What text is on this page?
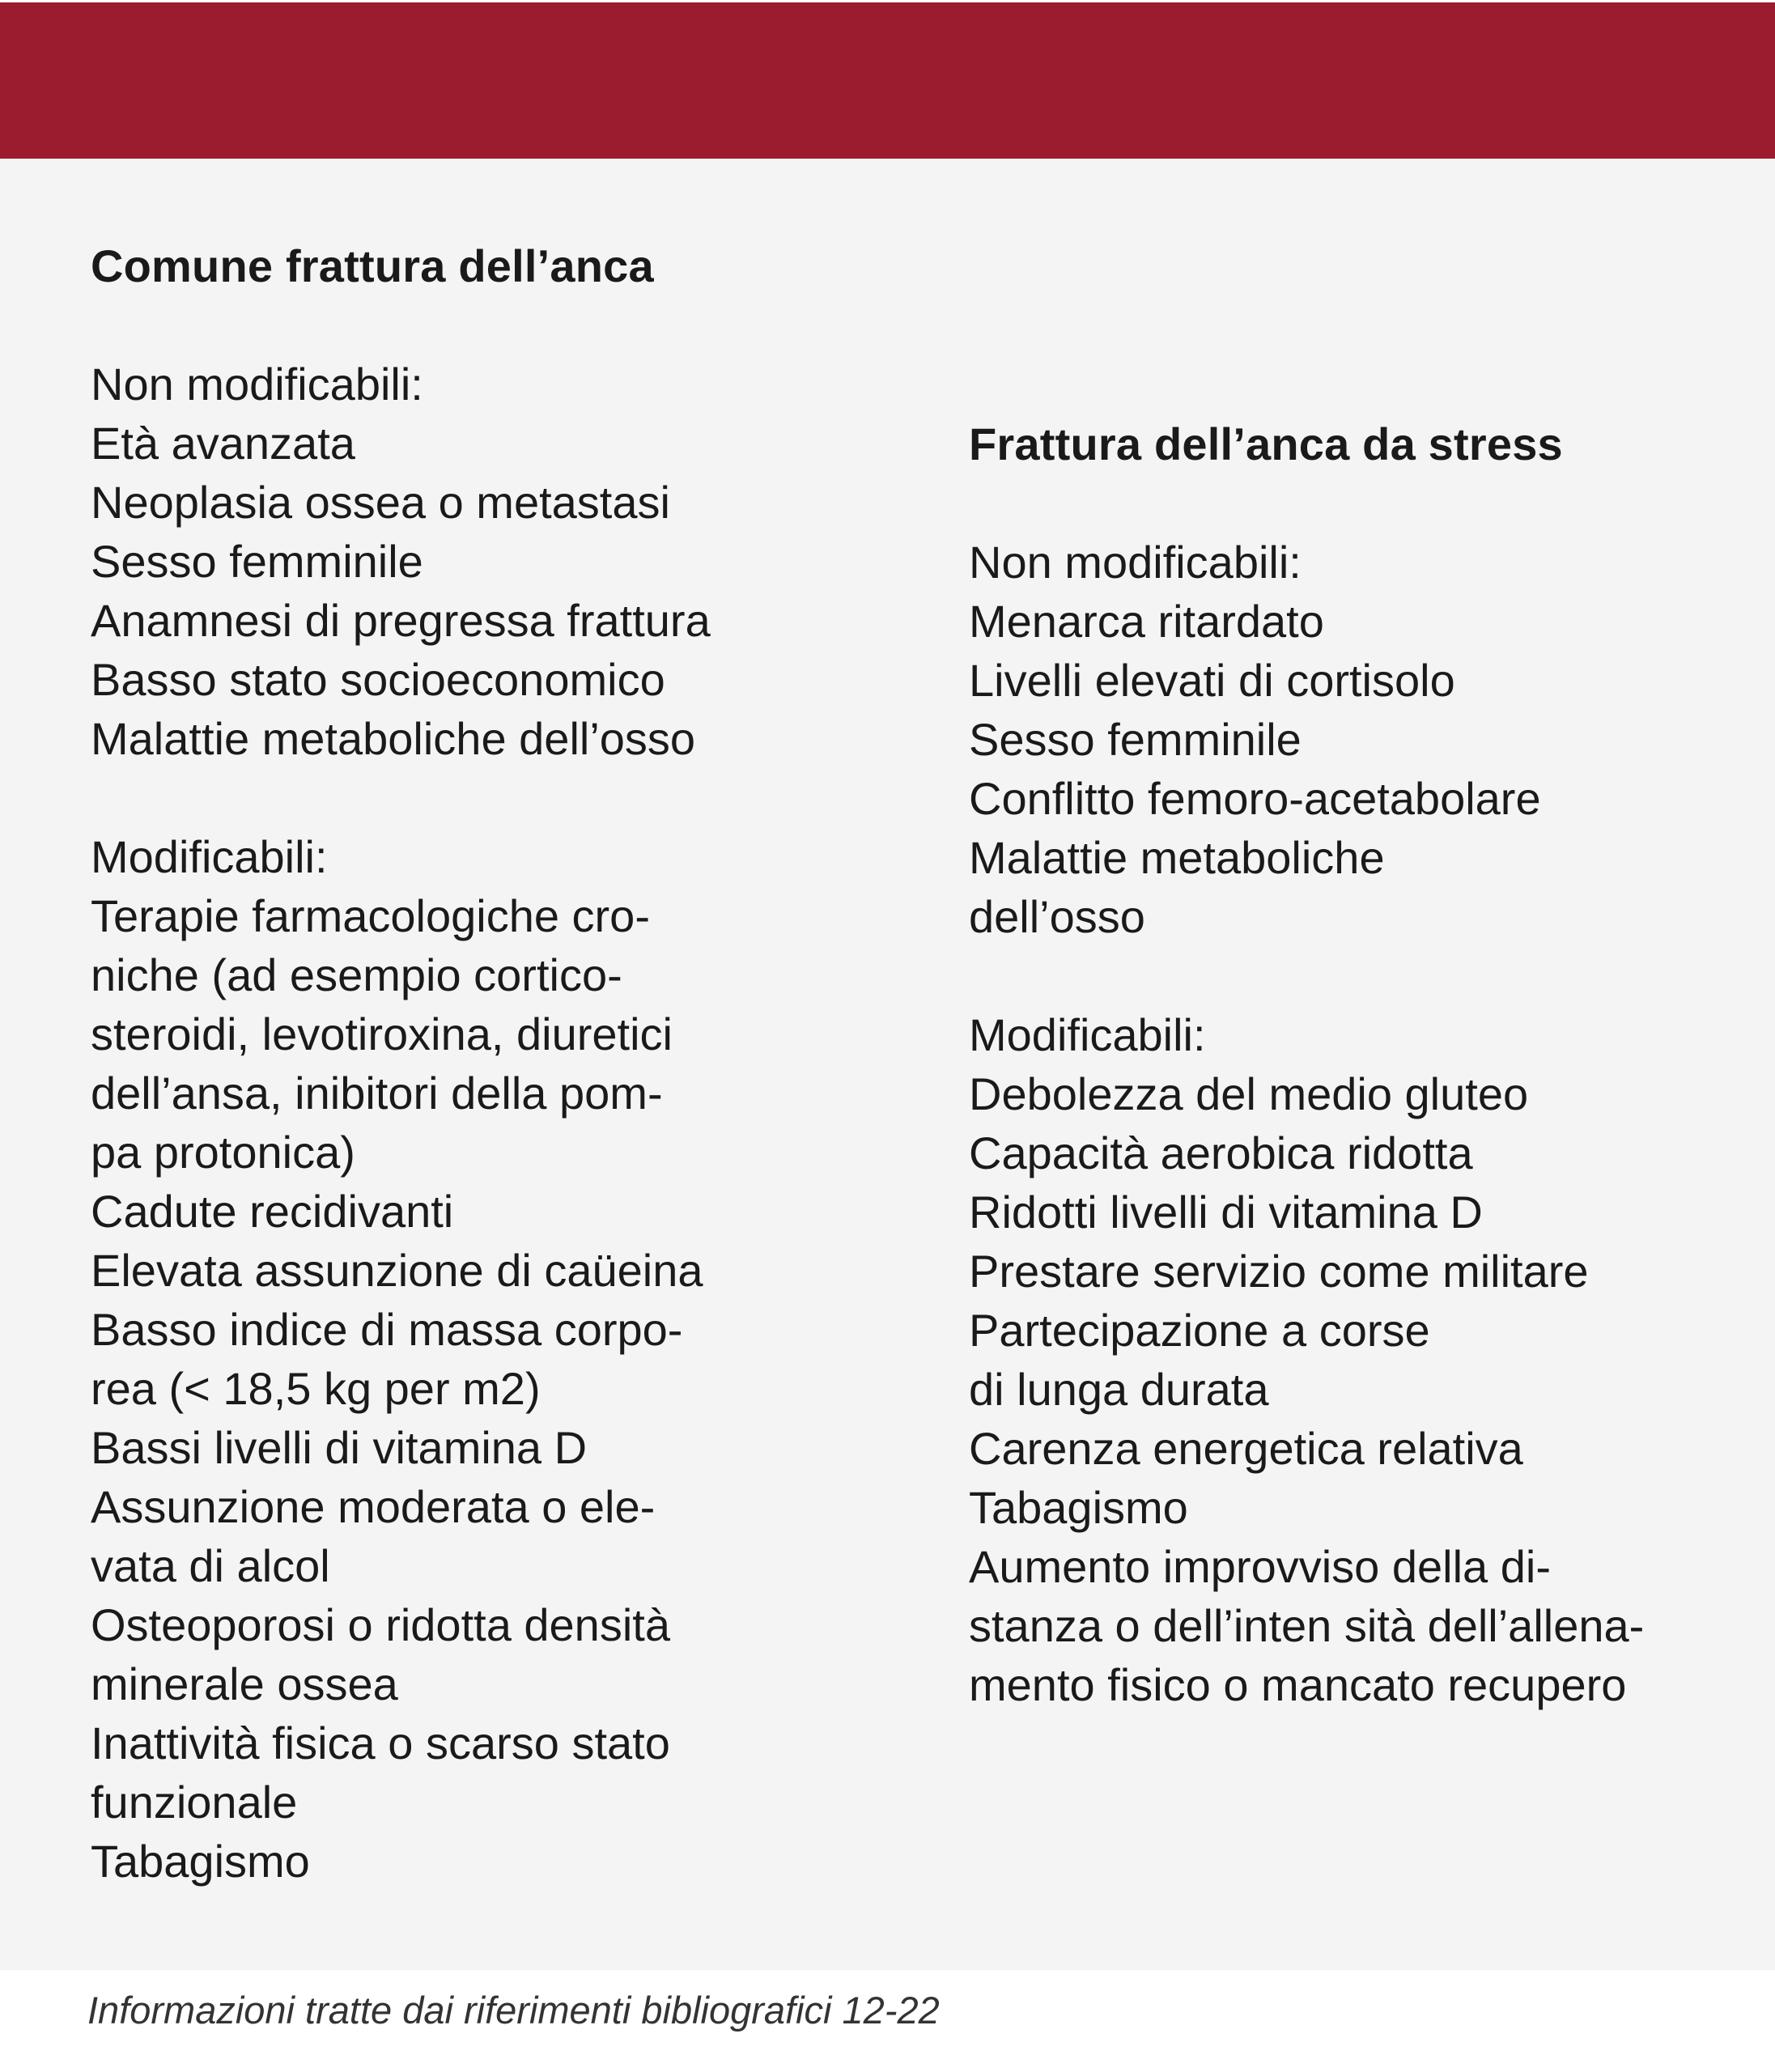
Comune frattura dell’anca
Non modificabili:
Età avanzata
Neoplasia ossea o metastasi
Sesso femminile
Anamnesi di pregressa frattura
Basso stato socioeconomico
Malattie metaboliche dell’osso
Modificabili:
Terapie farmacologiche cro-
niche (ad esempio cortico-
steroidi, levotiroxina, diuretici
dell’ansa, inibitori della pom-
pa protonica)
Cadute recidivanti
Elevata assunzione di caüeina
Basso indice di massa corpo-
rea (< 18,5 kg per m2)
Bassi livelli di vitamina D
Assunzione moderata o ele-
vata di alcol
Osteoporosi o ridotta densità
minerale ossea
Inattività fisica o scarso stato
funzionale
Tabagismo
Frattura dell’anca da stress
Non modificabili:
Menarca ritardato
Livelli elevati di cortisolo
Sesso femminile
Conflitto femoro-acetabolare
Malattie metaboliche
dell’osso
Modificabili:
Debolezza del medio gluteo
Capacità aerobica ridotta
Ridotti livelli di vitamina D
Prestare servizio come militare
Partecipazione a corse
di lunga durata
Carenza energetica relativa
Tabagismo
Aumento improvviso della di-
stanza o dell’inten sità dell’allena-
mento fisico o mancato recupero
Informazioni tratte dai riferimenti bibliografici 12-22
